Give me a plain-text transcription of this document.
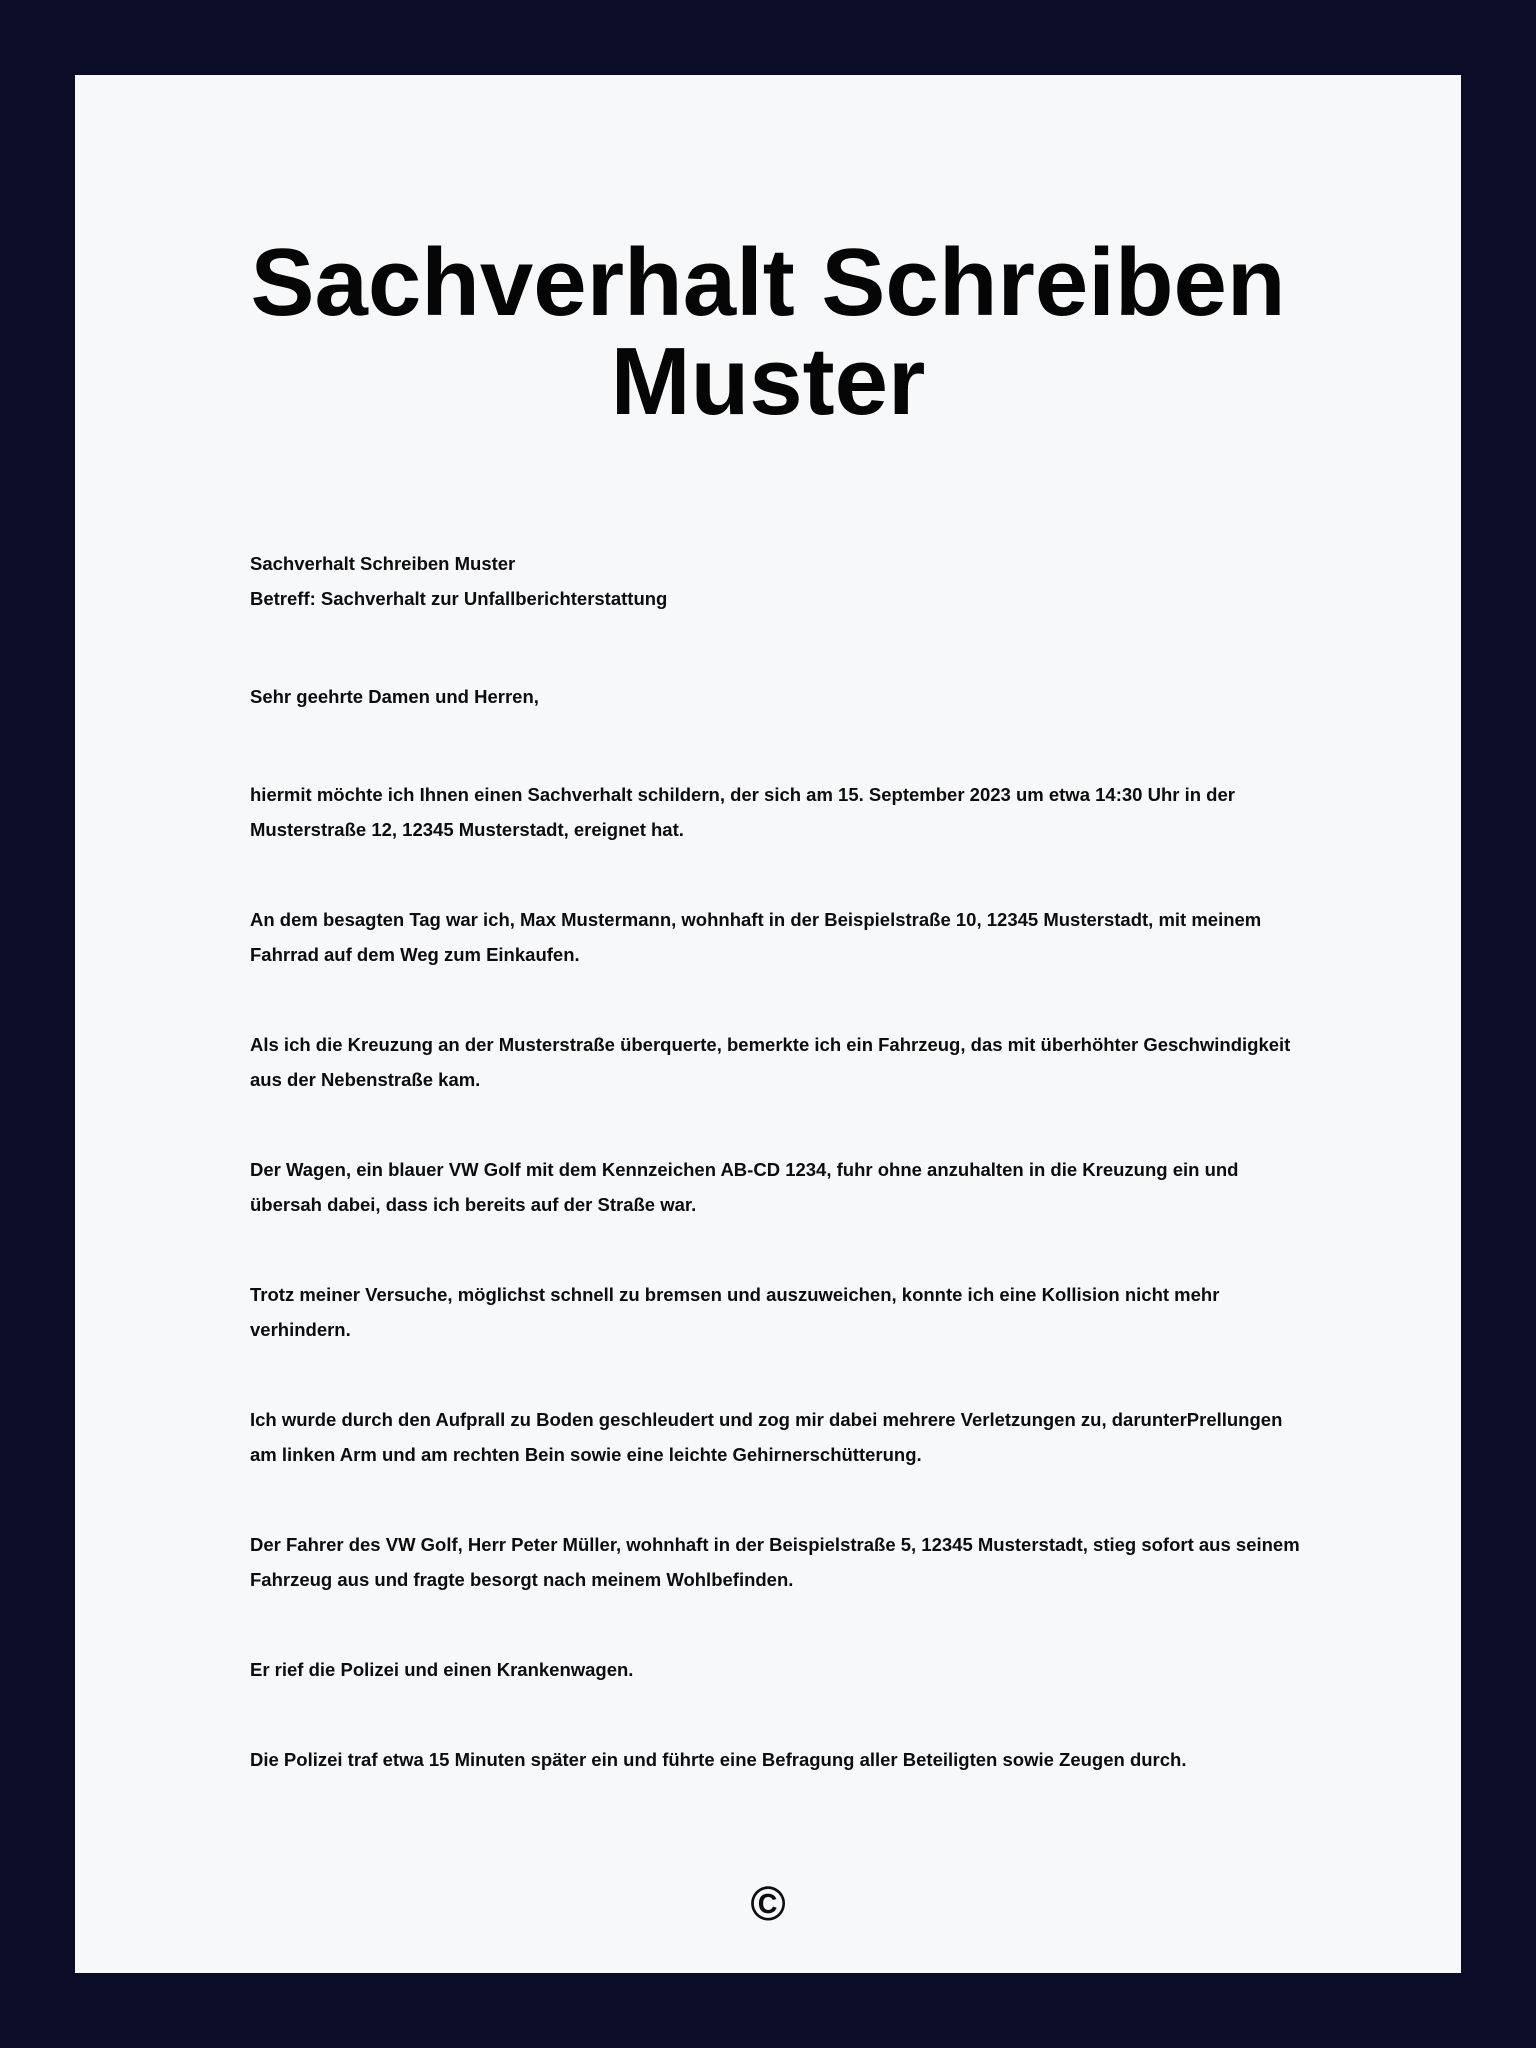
Sachverhalt Schreiben Muster

Sachverhalt Schreiben Muster

Betreff: Sachverhalt zur Unfallberichterstattung

Sehr geehrte Damen und Herren,

hiermit möchte ich Ihnen einen Sachverhalt schildern, der sich am 15. September 2023 um etwa 14:30 Uhr in der Musterstraße 12, 12345 Musterstadt, ereignet hat.

An dem besagten Tag war ich, Max Mustermann, wohnhaft in der Beispielstraße 10, 12345 Musterstadt, mit meinem Fahrrad auf dem Weg zum Einkaufen.

Als ich die Kreuzung an der Musterstraße überquerte, bemerkte ich ein Fahrzeug, das mit überhöhter Geschwindigkeit aus der Nebenstraße kam.

Der Wagen, ein blauer VW Golf mit dem Kennzeichen AB-CD 1234, fuhr ohne anzuhalten in die Kreuzung ein und übersah dabei, dass ich bereits auf der Straße war.

Trotz meiner Versuche, möglichst schnell zu bremsen und auszuweichen, konnte ich eine Kollision nicht mehr verhindern.

Ich wurde durch den Aufprall zu Boden geschleudert und zog mir dabei mehrere Verletzungen zu, darunterPrellungen am linken Arm und am rechten Bein sowie eine leichte Gehirnerschütterung.

Der Fahrer des VW Golf, Herr Peter Müller, wohnhaft in der Beispielstraße 5, 12345 Musterstadt, stieg sofort aus seinem Fahrzeug aus und fragte besorgt nach meinem Wohlbefinden.

Er rief die Polizei und einen Krankenwagen.

Die Polizei traf etwa 15 Minuten später ein und führte eine Befragung aller Beteiligten sowie Zeugen durch.

©
